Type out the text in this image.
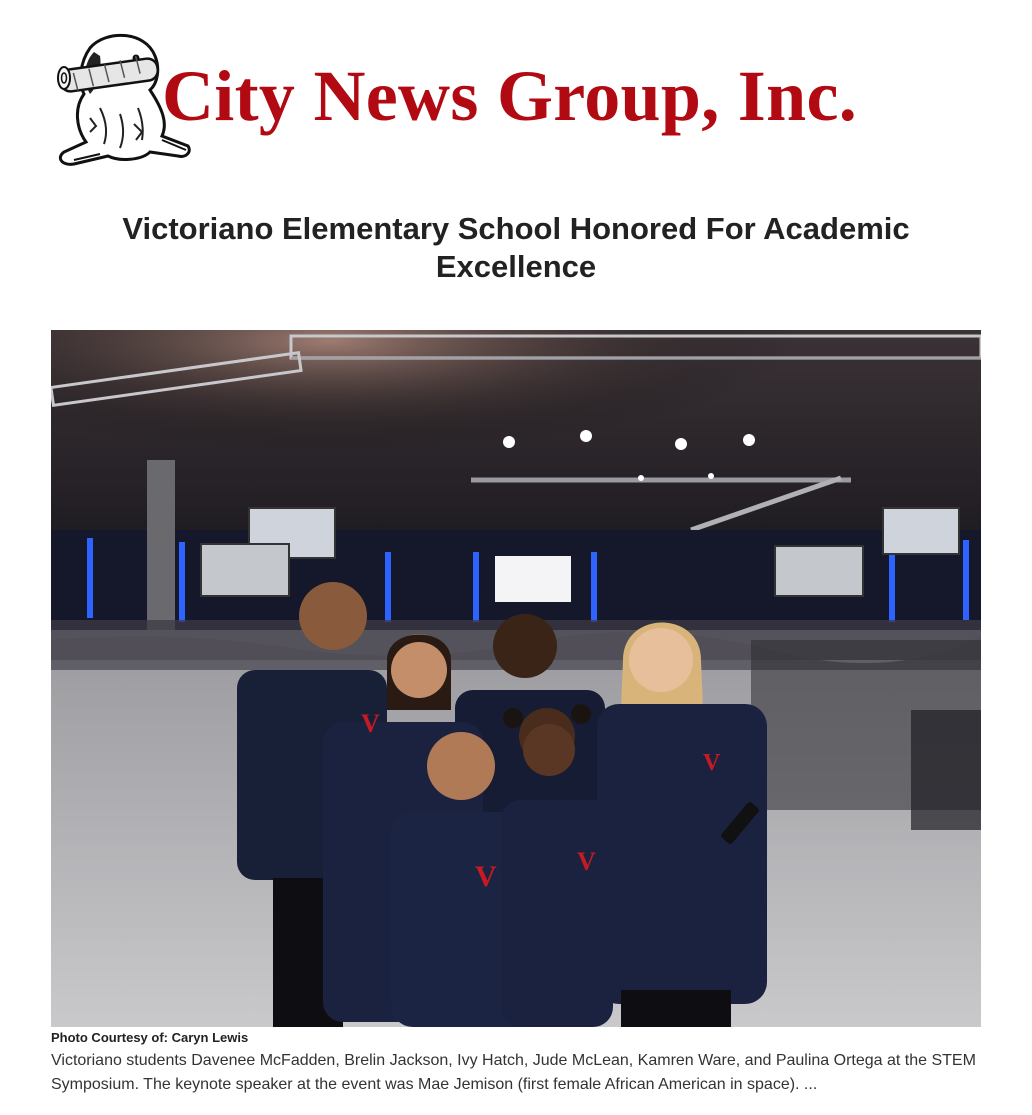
City News Group, Inc.
Victoriano Elementary School Honored For Academic Excellence
V
V	V
V
Photo Courtesy of: Caryn Lewis

Victoriano students Davenee McFadden, Brelin Jackson, Ivy Hatch, Jude McLean, Kamren Ware, and Paulina Ortega at the STEM Symposium. The keynote speaker at the event was Mae Jemison (first female African American in space). ...
